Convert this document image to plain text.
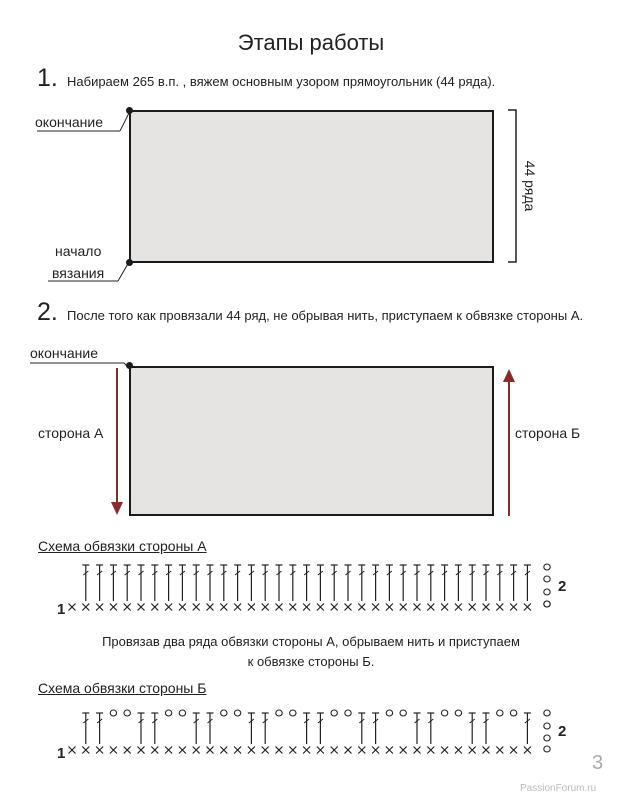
Этапы работы
1. Набираем 265 в.п. , вяжем основным узором прямоугольник (44 ряда).
окончание
начало
вязания
44 ряда
2. После того как провязали 44 ряд, не обрывая нить, приступаем к обвязке стороны А.
окончание
сторона А	сторона Б
Схема обвязки стороны А
1
2
Провязав два ряда обвязки стороны А, обрываем нить и приступаем
к обвязке стороны Б.
Схема обвязки стороны Б
1
2
3
PassionForum.ru
